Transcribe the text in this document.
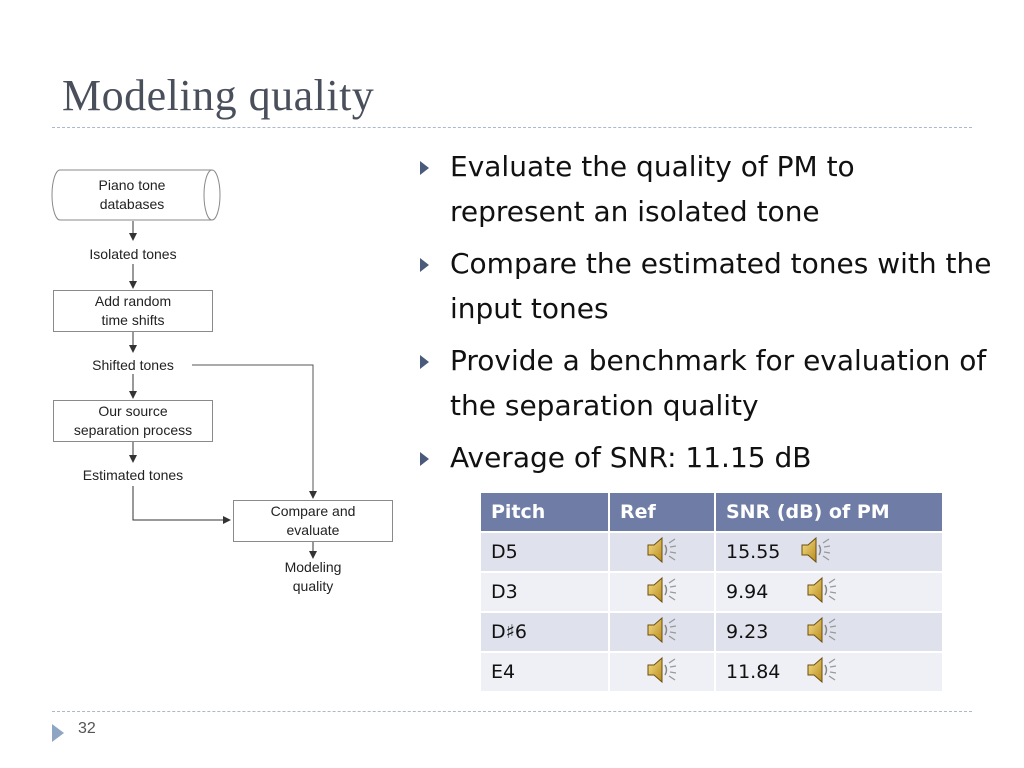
Modeling quality
Piano tone
databases
Isolated tones
Add random
time shifts
Shifted tones
Our source
separation process
Estimated tones
Compare and
evaluate
Modeling
quality
Evaluate the quality of PM to represent an isolated tone
Compare the estimated tones with the input tones
Provide a benchmark for evaluation of the separation quality
Average of SNR: 11.15 dB
Pitch	Ref	SNR (dB) of PM
D5		15.55
D3		9.94
D♯6		9.23
E4		11.84
32
